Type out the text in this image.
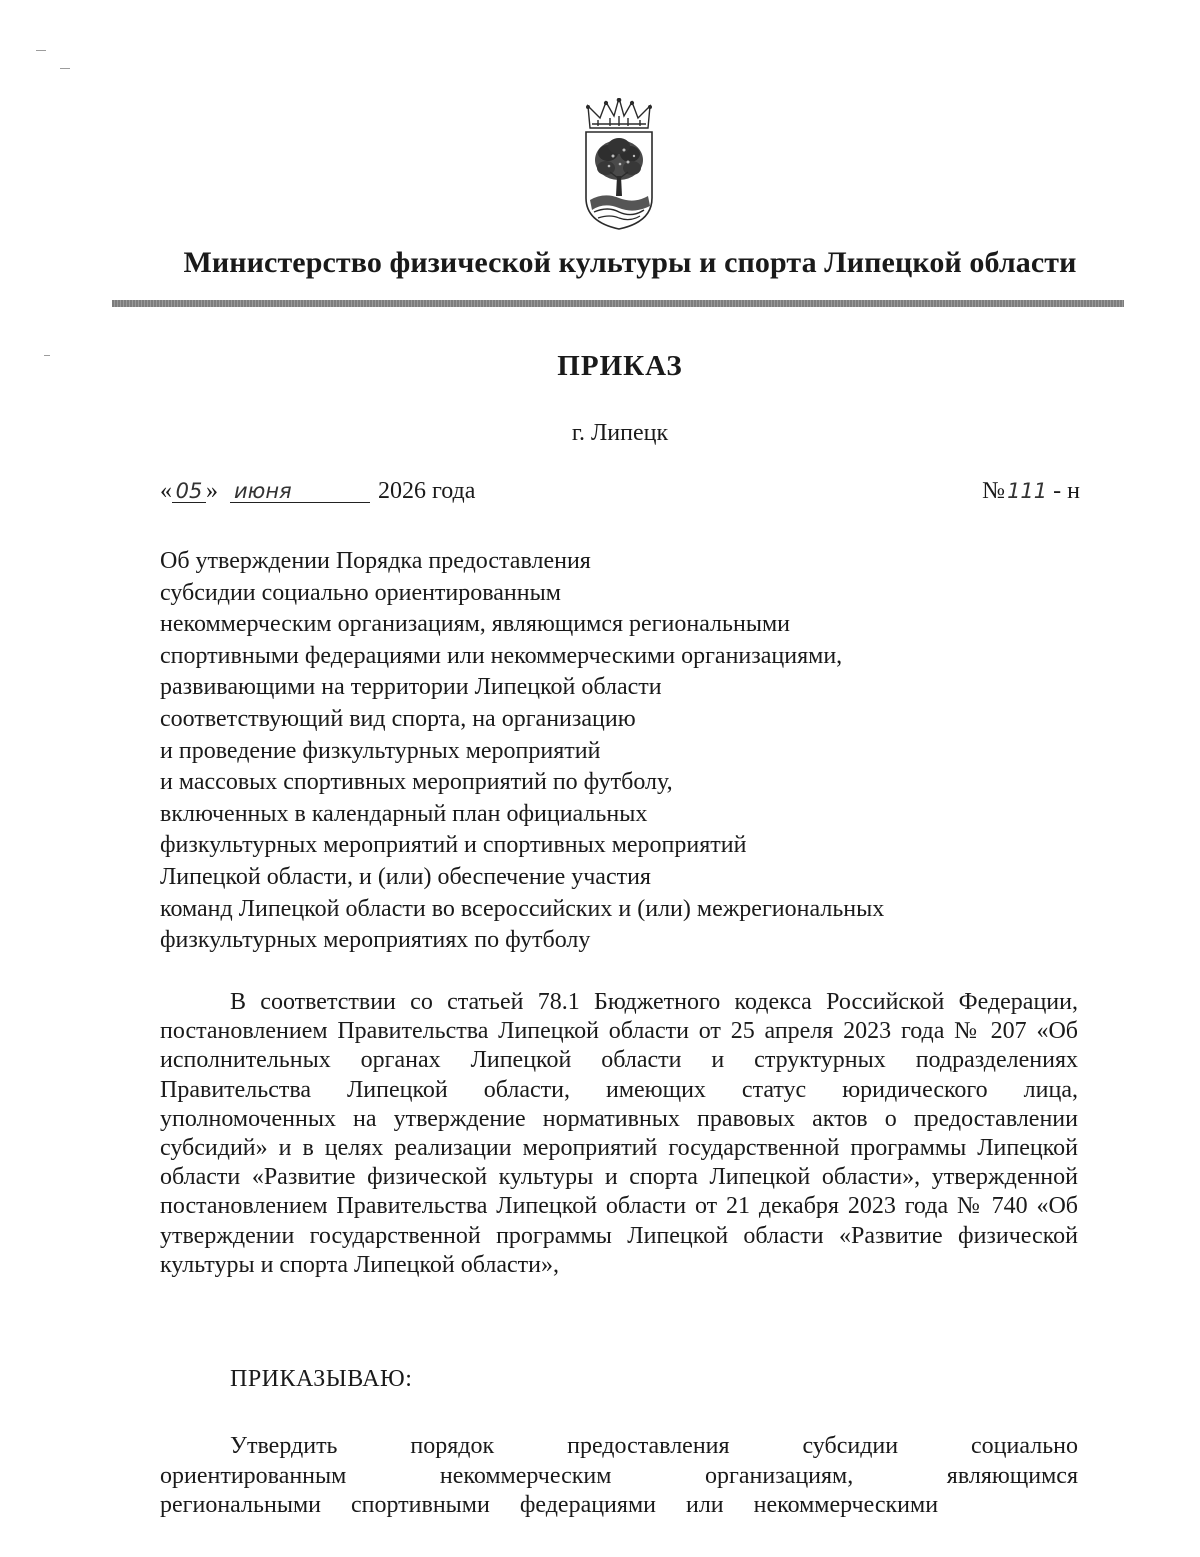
Министерство физической культуры и спорта Липецкой области
ПРИКАЗ
г. Липецк
« 05 » июня	2026 года	№111 - н
Об утверждении Порядка предоставления
субсидии социально ориентированным
некоммерческим организациям, являющимся региональными
спортивными федерациями или некоммерческими организациями,
развивающими на территории Липецкой области
соответствующий вид спорта, на организацию
и проведение физкультурных мероприятий
и массовых спортивных мероприятий по футболу,
включенных в календарный план официальных
физкультурных мероприятий и спортивных мероприятий
Липецкой области, и (или) обеспечение участия
команд Липецкой области во всероссийских и (или) межрегиональных
физкультурных мероприятиях по футболу

В соответствии со статьей 78.1 Бюджетного кодекса Российской Федерации, постановлением Правительства Липецкой области от 25 апреля 2023 года № 207 «Об исполнительных органах Липецкой области и структурных подразделениях Правительства Липецкой области, имеющих статус юридического лица, уполномоченных на утверждение нормативных правовых актов о предоставлении субсидий» и в целях реализации мероприятий государственной программы Липецкой области «Развитие физической культуры и спорта Липецкой области», утвержденной постановлением Правительства Липецкой области от 21 декабря 2023 года № 740 «Об утверждении государственной программы Липецкой области «Развитие физической культуры и спорта Липецкой области»,

ПРИКАЗЫВАЮ:

Утвердить порядок предоставления субсидии социально ориентированным некоммерческим организациям, являющимся региональными спортивными федерациями или некоммерческими
